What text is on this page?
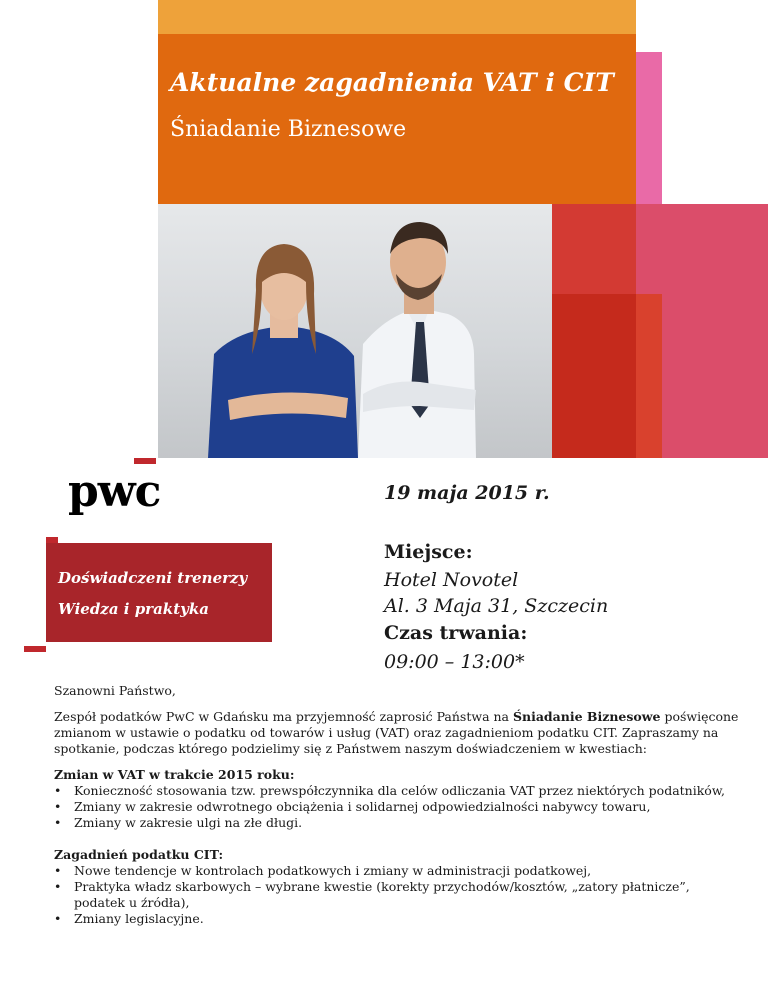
Aktualne zagadnienia VAT i CIT
Śniadanie Biznesowe
pwc	19 maja 2015 r.
Doświadczeni trenerzy
Wiedza i praktyka
Miejsce:
Hotel Novotel
Al. 3 Maja 31, Szczecin
Czas trwania:
09:00 – 13:00*

Szanowni Państwo,

Zespół podatków PwC w Gdańsku ma przyjemność zaprosić Państwa na Śniadanie Biznesowe poświęcone zmianom w ustawie o podatku od towarów i usług (VAT) oraz zagadnieniom podatku CIT. Zapraszamy na spotkanie, podczas którego podzielimy się z Państwem naszym doświadczeniem w kwestiach:

Zmian w VAT w trakcie 2015 roku:
• Konieczność stosowania tzw. prewspółczynnika dla celów odliczania VAT przez niektórych podatników,
• Zmiany w zakresie odwrotnego obciążenia i solidarnej odpowiedzialności nabywcy towaru,
• Zmiany w zakresie ulgi na złe długi.
Zagadnień podatku CIT:
• Nowe tendencje w kontrolach podatkowych i zmiany w administracji podatkowej,
• Praktyka władz skarbowych – wybrane kwestie (korekty przychodów/kosztów, „zatory płatnicze”, podatek u źródła),
• Zmiany legislacyjne.
